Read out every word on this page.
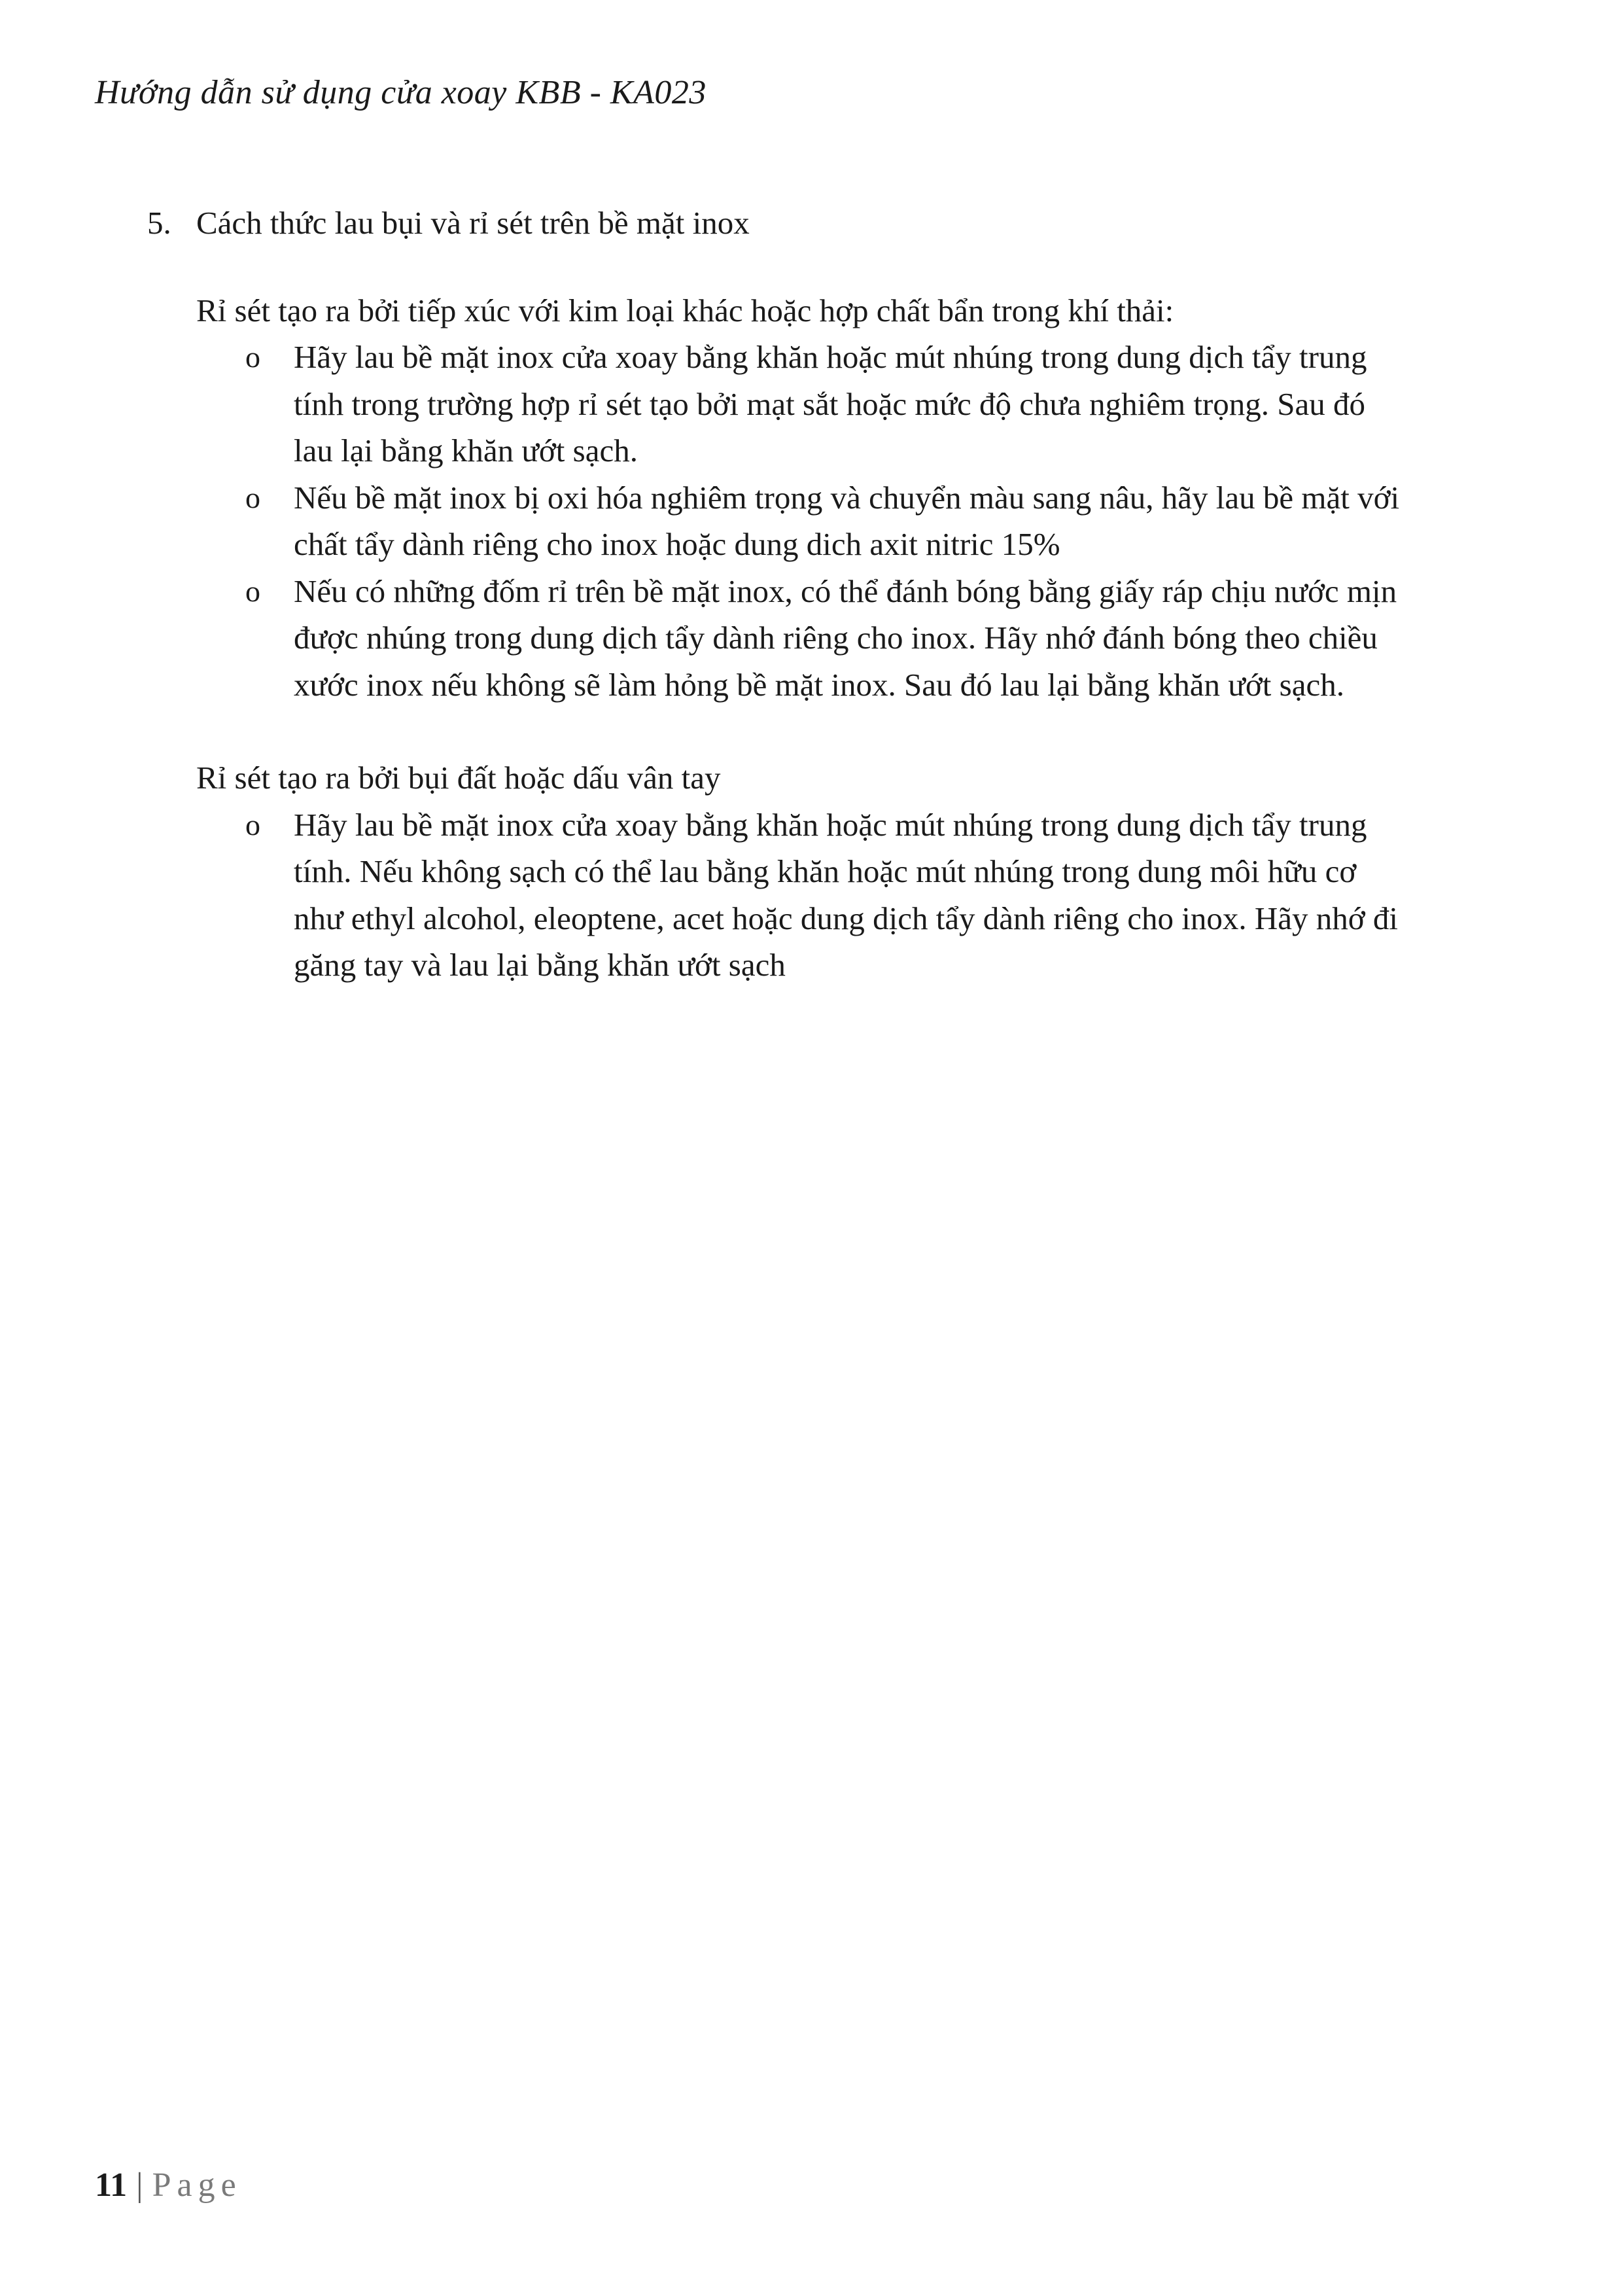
Hướng dẫn sử dụng cửa xoay KBB - KA023
5. Cách thức lau bụi và rỉ sét trên bề mặt inox

Rỉ sét tạo ra bởi tiếp xúc với kim loại khác hoặc hợp chất bẩn trong khí thải:

o Hãy lau bề mặt inox cửa xoay bằng khăn hoặc mút nhúng trong dung dịch tẩy trung
tính trong trường hợp rỉ sét tạo bởi mạt sắt hoặc mức độ chưa nghiêm trọng. Sau đó
lau lại bằng khăn ướt sạch.
o Nếu bề mặt inox bị oxi hóa nghiêm trọng và chuyển màu sang nâu, hãy lau bề mặt với
chất tẩy dành riêng cho inox hoặc dung dich axit nitric 15%
o Nếu có những đốm rỉ trên bề mặt inox, có thể đánh bóng bằng giấy ráp chịu nước mịn
được nhúng trong dung dịch tẩy dành riêng cho inox. Hãy nhớ đánh bóng theo chiều
xước inox nếu không sẽ làm hỏng bề mặt inox. Sau đó lau lại bằng khăn ướt sạch.

Rỉ sét tạo ra bởi bụi đất hoặc dấu vân tay

o Hãy lau bề mặt inox cửa xoay bằng khăn hoặc mút nhúng trong dung dịch tẩy trung
tính. Nếu không sạch có thể lau bằng khăn hoặc mút nhúng trong dung môi hữu cơ
như ethyl alcohol, eleoptene, acet hoặc dung dịch tẩy dành riêng cho inox. Hãy nhớ đi
găng tay và lau lại bằng khăn ướt sạch
11 | Page
